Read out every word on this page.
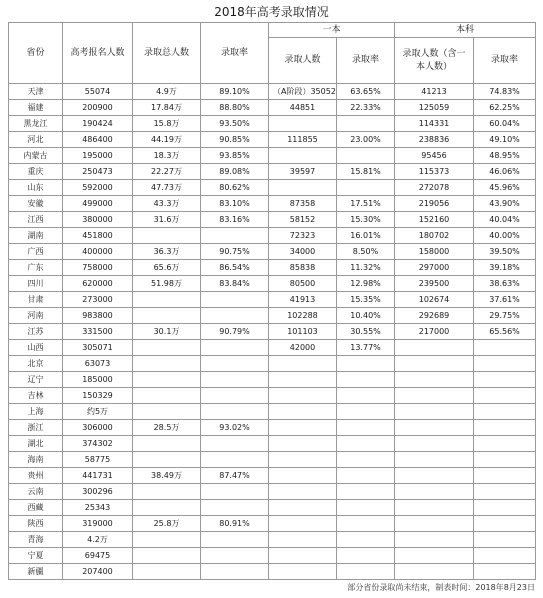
2018年高考录取情况
省份	高考报名人数	录取总人数	录取率	一本		本科	
				录取人数	录取率	录取人数（含一本人数）	录取率
天津	55074	4.9万	89.10%	（A阶段）35052	63.65%	41213	74.83%
福建	200900	17.84万	88.80%	44851	22.33%	125059	62.25%
黑龙江	190424	15.8万	93.50%			114331	60.04%
河北	486400	44.19万	90.85%	111855	23.00%	238836	49.10%
内蒙古	195000	18.3万	93.85%			95456	48.95%
重庆	250473	22.27万	89.08%	39597	15.81%	115373	46.06%
山东	592000	47.73万	80.62%			272078	45.96%
安徽	499000	43.3万	83.10%	87358	17.51%	219056	43.90%
江西	380000	31.6万	83.16%	58152	15.30%	152160	40.04%
湖南	451800			72323	16.01%	180702	40.00%
广西	400000	36.3万	90.75%	34000	8.50%	158000	39.50%
广东	758000	65.6万	86.54%	85838	11.32%	297000	39.18%
四川	620000	51.98万	83.84%	80500	12.98%	239500	38.63%
甘肃	273000			41913	15.35%	102674	37.61%
河南	983800			102288	10.40%	292689	29.75%
江苏	331500	30.1万	90.79%	101103	30.55%	217000	65.56%
山西	305071			42000	13.77%		
北京	63073						
辽宁	185000						
吉林	150329						
上海	约5万						
浙江	306000	28.5万	93.02%				
湖北	374302						
海南	58775						
贵州	441731	38.49万	87.47%				
云南	300296						
西藏	25343						
陕西	319000	25.8万	80.91%				
青海	4.2万						
宁夏	69475						
新疆	207400						
部分省份录取尚未结束，制表时间：2018年8月23日
